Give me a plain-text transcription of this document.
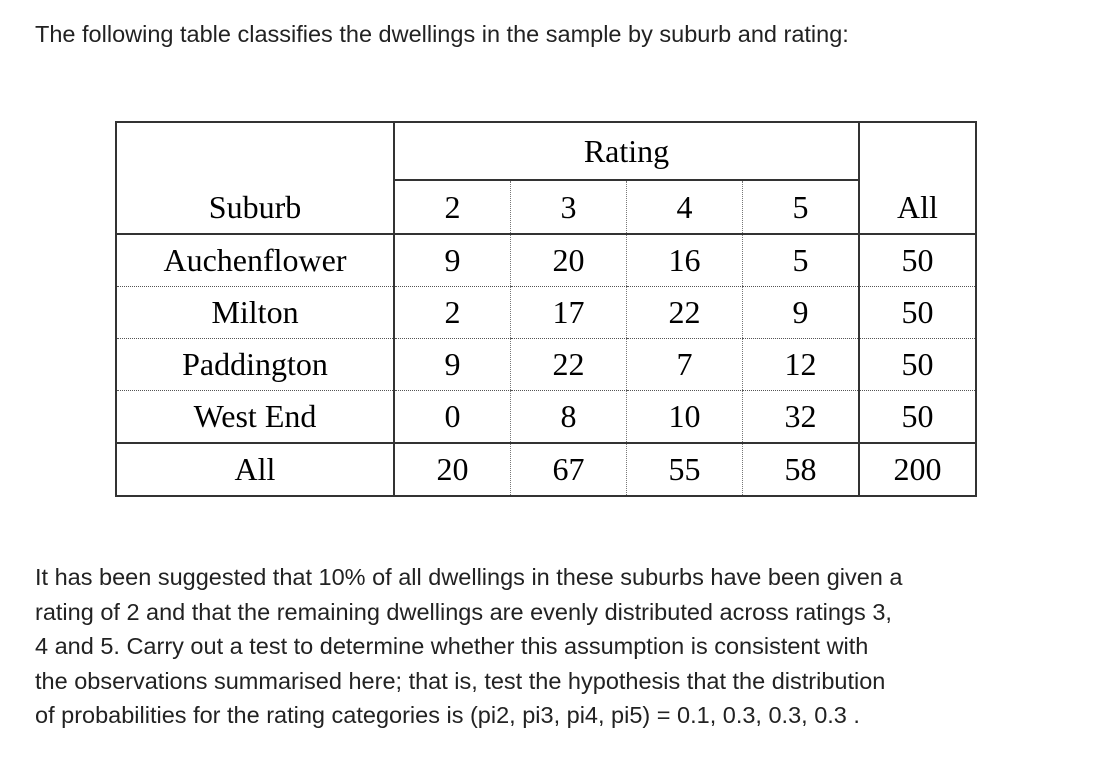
The following table classifies the dwellings in the sample by suburb and rating:

	Rating				
Suburb	2	3	4	5	All
Auchenflower	9	20	16	5	50
Milton	2	17	22	9	50
Paddington	9	22	7	12	50
West End	0	8	10	32	50
All	20	67	55	58	200

It has been suggested that 10% of all dwellings in these suburbs have been given a
rating of 2 and that the remaining dwellings are evenly distributed across ratings 3,
4 and 5. Carry out a test to determine whether this assumption is consistent with
the observations summarised here; that is, test the hypothesis that the distribution
of probabilities for the rating categories is (pi2, pi3, pi4, pi5) = 0.1, 0.3, 0.3, 0.3 .
